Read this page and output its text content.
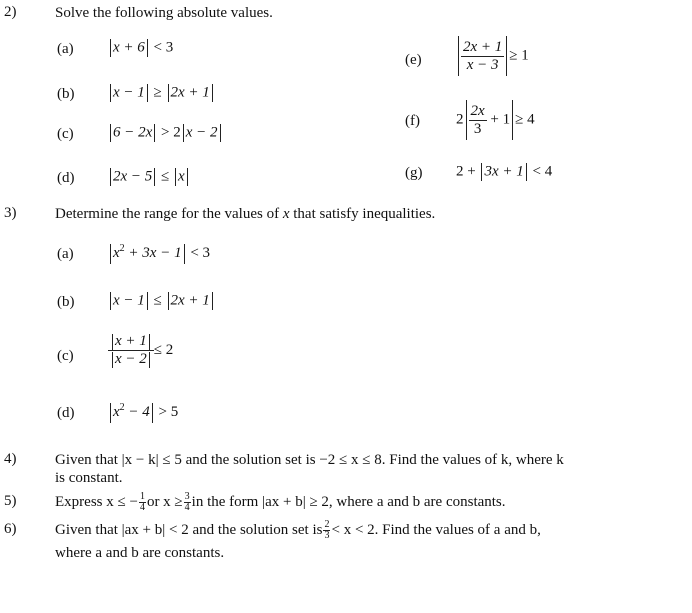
2)	Solve the following absolute values.
(a)	x + 6 < 3
(b)	x − 1 ≥ 2x + 1
(c)	6 − 2x > 2 x − 2
(d)	2x − 5 ≤ x
(e)	$\frac{2x + 1}{x - 3} \ge 1$
(f) $2 \frac{2x}{3} + 1 \ge 4$
(g) 2 + 3x + 1 < 4
3)	Determine the range for the values of x that satisfy inequalities.
(a)	$x^2 + 3x - 1 < 3$
(b)	x − 1 ≤ 2x + 1
$(c) \frac{x + 1}{x - 2} \le 2$
(d)	$x^2 - 4 > 5$
4)	Given that |x − k| ≤ 5 and the solution set is −2 ≤ x ≤ 8. Find the values of k, where k
is constant.
5)	Express x ≤ − $\frac{1}{4}$ or $x \ge \frac{3}{4}$ in the form |ax + b| ≥ 2, where a and b are constants.
6)	Given that |ax + b| < 2 and the solution set is $\frac{2}{3} < x < 2$. Find the values of a and b,
where a and b are constants.
